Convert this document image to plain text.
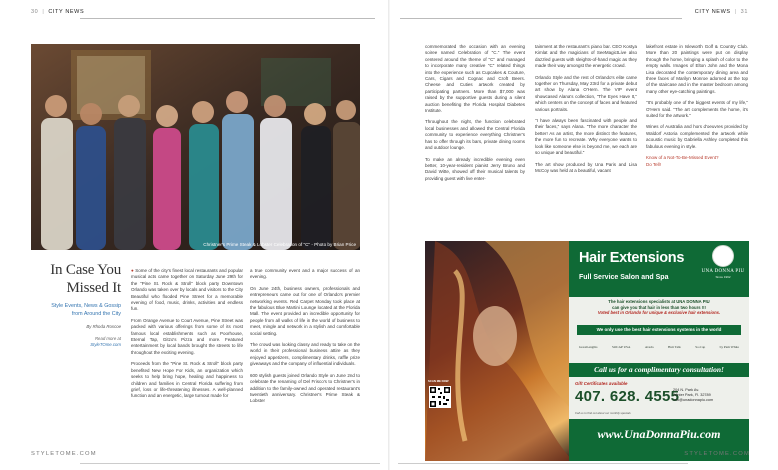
30 | CITY NEWS	CITY NEWS | 31
Christner's Prime Steak & Lobster Celebration of "C" - Photo by Brian Price
In Case You
Missed It
Style Events, News & Gossip
from Around the City
By Rhoda Roscoe
Read more at
StyleTOme.com

● Some of the city's finest local restaurants and popular musical acts came together on Saturday June 29th for the "Pine St. Rock & Stroll" block party Downtown Orlando was taken over by locals and visitors to the City Beautiful who flooded Pine Street for a memorable evening of food, music, drinks, activities and endless fun.

From Orange Avenue to Court Avenue, Pine Street was packed with various offerings from some of its most famous local establishments such as Poorhouse, Eternal Tap, Gitzo's Pizza and more. Featured entertainment by local bands brought the streets to life throughout the exciting evening.

Proceeds from the "Pine St. Rock & Stroll" block party benefited New Hope For Kids, an organization which seeks to help bring hope, healing and happiness to children and families in Central Florida suffering from grief, loss or life-threatening illnesses. A well-planned function and an energetic, large turnout made for

a true community event and a major success of an evening.

On June 24th, business owners, professionals and entrepreneurs came out for one of Orlando's premier networking events. Red Carpet Monday took place at the fabulous Blue Martini Lounge located at the Florida Mall. The event provided an incredible opportunity for people from all walks of life in the world of business to meet, mingle and network in a stylish and comfortable social setting.

The crowd was looking classy and ready to take on the world in their professional business attire as they enjoyed appetizers, complimentary drinks, raffle prize giveaways and the company of influential individuals.

600 stylish guests joined Orlando Style on June 2nd to celebrate the renaming of Del Frisco's to Christner's in addition to the family-owned and operated restaurant's twentieth anniversary. Christner's Prime Steak & Lobster

commemorated the occasion with an evening soiree named Celebration of "C." The event centered around the theme of "C" and managed to incorporate many creative "C" related things into the experience such as Cupcakes & Couture, Cars, Cigars and Cognac and Croft Beers. Cheese and Cuties artwork created by participating partners. More than $7,000 was raised by the supportive guests during a silent auction benefiting the Florida Hospital Diabetes Institute.

Throughout the night, the function celebrated local businesses and allowed the Central Florida community to experience everything Christner's has to offer through its bars, private dining rooms and outdoor lounge.

To make an already incredible evening even better, 10-year-resident pianist Jerry Bruno and David Witte, showed off their musical talents by providing guest with live enter-

tainment at the restaurant's piano bar. CEO Kostya Kimlat and the magicians of SeeMagictLive also dazzled guests with sleights-of-hand magic as they made their way amongst the energetic crowd.

Orlando Style and the rest of Orlando's elite came together on Thursday, May 23rd for a private debut art show by Alana O'Hern. The VIP event showcased Alana's collection, "The Eyes Have It," which centers on the concept of faces and featured various portraits.

"I have always been fascinated with people and their faces," says Alana. "The more character the better! As an artist, the more distinct the features, the more fun to recreate. Why everyone wants to look like someone else is beyond me, we each are so unique and beautiful."

The art show produced by Una Paris and Lisa McCoy was held at a beautiful, vacant

lakefront estate in Isleworth Golf & Country Club. More than 20 paintings were put on display through the home, bringing a splash of color to the empty walls. Images of Elton John and the Mona Lisa decorated the contemporary dining area and three faces of Marilyn Monroe adorned at the top of the staircase and in the master bedroom among many other eye-catching paintings.

"It's probably one of the biggest events of my life," O'Hern said. "The art complements the home, it's suited for the artwork."

Wines of Australia and hors d'oeuvres provided by Waldorf Astoria complemented the artwork while acoustic music by Gabriella Ashley completed this fabulous evening in style.

Know of a Not-To-Be-Missed Event?
Do Tell!
SCAN ME NOW
Hair Extensions
Full Service Salon and Spa
UNA DONNA PIU
Since 1992
The hair extensions specialists at UNA DONNA PIU
can give you that hair in less than two hours !!!
Voted best in Orlando for unique & exclusive hair extensions.
We only use the best hair extensions systems in the world
GreatLengths	SOCAP USA	Aveda	Hair Talk	So.Cap	by Pam White
Call us for a complimentary consultation!
Gift Certificates available
407. 628. 4555
204 N. Park Av.
Winter Park, Fl. 32789
info@unadonnapiu.com
Call us to find out about our monthly specials
www.UnaDonnaPiu.com
STYLETOME.COM	STYLETOME.COM
